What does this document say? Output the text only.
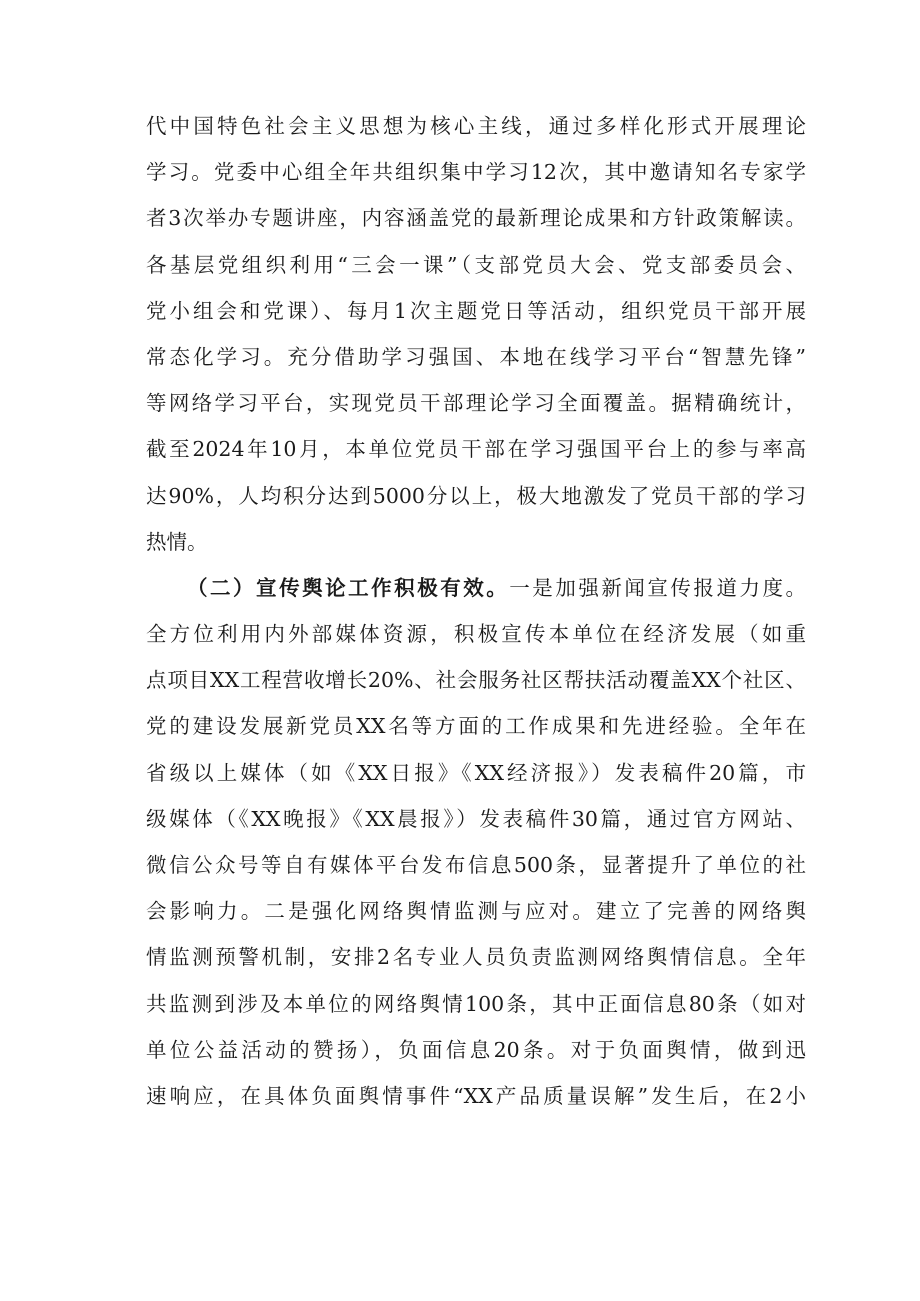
代中国特色社会主义思想为核心主线，通过多样化形式开展理论
学习。党委中心组全年共组织集中学习12次，其中邀请知名专家学
者3次举办专题讲座，内容涵盖党的最新理论成果和方针政策解读。
各基层党组织利用“三会一课”（支部党员大会、党支部委员会、
党小组会和党课）、每月1次主题党日等活动，组织党员干部开展
常态化学习。充分借助学习强国、本地在线学习平台“智慧先锋”
等网络学习平台，实现党员干部理论学习全面覆盖。据精确统计，
截至2024年10月，本单位党员干部在学习强国平台上的参与率高
达90%，人均积分达到5000分以上，极大地激发了党员干部的学习
热情。
（二）宣传舆论工作积极有效。一是加强新闻宣传报道力度。
全方位利用内外部媒体资源，积极宣传本单位在经济发展（如重
点项目XX工程营收增长20%、社会服务社区帮扶活动覆盖XX个社区、
党的建设发展新党员XX名等方面的工作成果和先进经验。全年在
省级以上媒体（如《XX日报》《XX经济报》）发表稿件20篇，市
级媒体（《XX晚报》《XX晨报》）发表稿件30篇，通过官方网站、
微信公众号等自有媒体平台发布信息500条，显著提升了单位的社
会影响力。二是强化网络舆情监测与应对。建立了完善的网络舆
情监测预警机制，安排2名专业人员负责监测网络舆情信息。全年
共监测到涉及本单位的网络舆情100条，其中正面信息80条（如对
单位公益活动的赞扬），负面信息20条。对于负面舆情，做到迅
速响应，在具体负面舆情事件“XX产品质量误解”发生后，在2小
